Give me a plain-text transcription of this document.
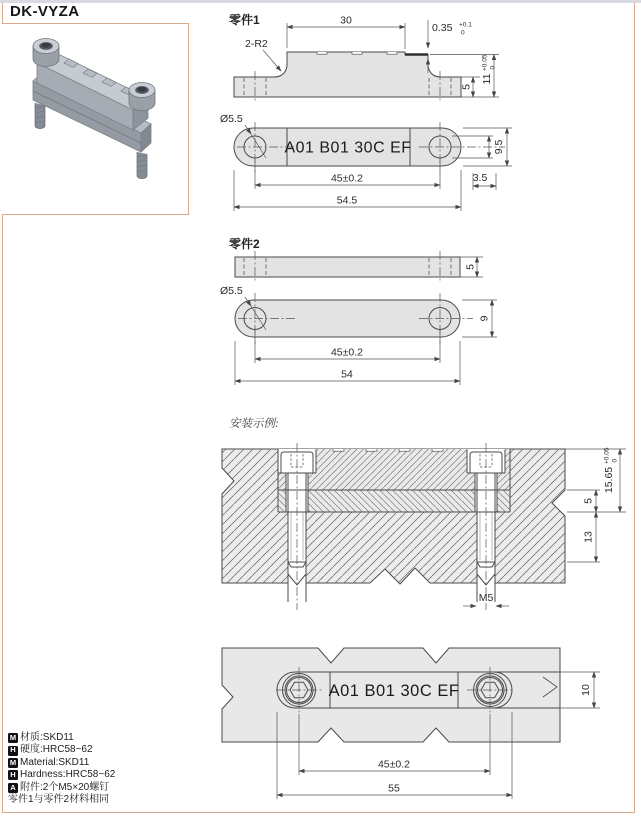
DK-VYZA	零件1	30
0.35 +0.1
0
2-R2
5
11
+0.05 0
A01 B01 30C EF
Ø5.5
9.5
3.5
45±0.2
54.5
零件2
5
Ø5.5
9
45±0.2
54
安装示例:
M5
15.65
+0.05 0
5
13
A01 B01 30C EF	10
45±0.2
55
M 材质:SKD11
H 硬度:HRC58~62
M Material:SKD11
H Hardness:HRC58~62
A 附件:2个M5×20螺钉
零件1与零件2材料相同
